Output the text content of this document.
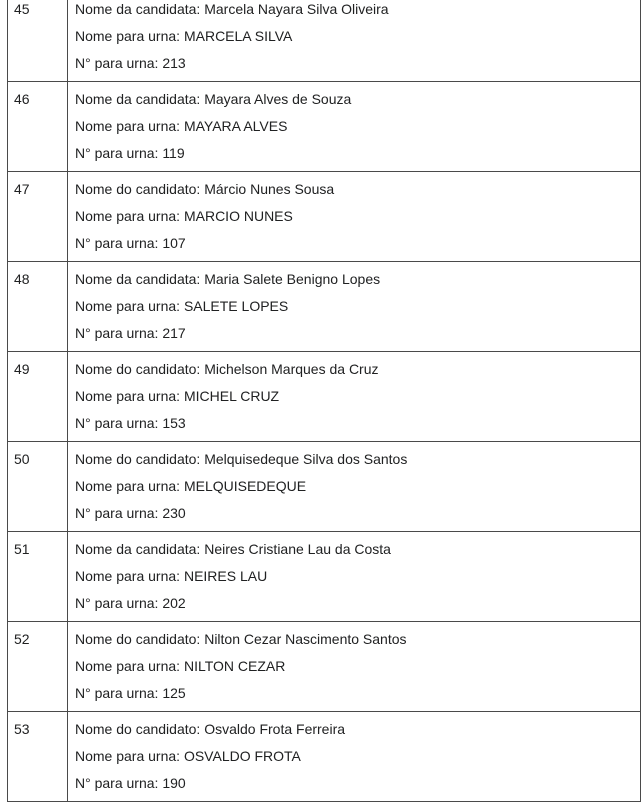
45	Nome da candidata: Marcela Nayara Silva Oliveira
Nome para urna: MARCELA SILVA
N° para urna: 213

46	Nome da candidata: Mayara Alves de Souza
Nome para urna: MAYARA ALVES
N° para urna: 119

47	Nome do candidato: Márcio Nunes Sousa
Nome para urna: MARCIO NUNES
N° para urna: 107

48	Nome da candidata: Maria Salete Benigno Lopes
Nome para urna: SALETE LOPES
N° para urna: 217

49	Nome do candidato: Michelson Marques da Cruz
Nome para urna: MICHEL CRUZ
N° para urna: 153

50	Nome do candidato: Melquisedeque Silva dos Santos
Nome para urna: MELQUISEDEQUE
N° para urna: 230

51	Nome da candidata: Neires Cristiane Lau da Costa
Nome para urna: NEIRES LAU
N° para urna: 202

52	Nome do candidato: Nilton Cezar Nascimento Santos
Nome para urna: NILTON CEZAR
N° para urna: 125

53	Nome do candidato: Osvaldo Frota Ferreira
Nome para urna: OSVALDO FROTA
N° para urna: 190
